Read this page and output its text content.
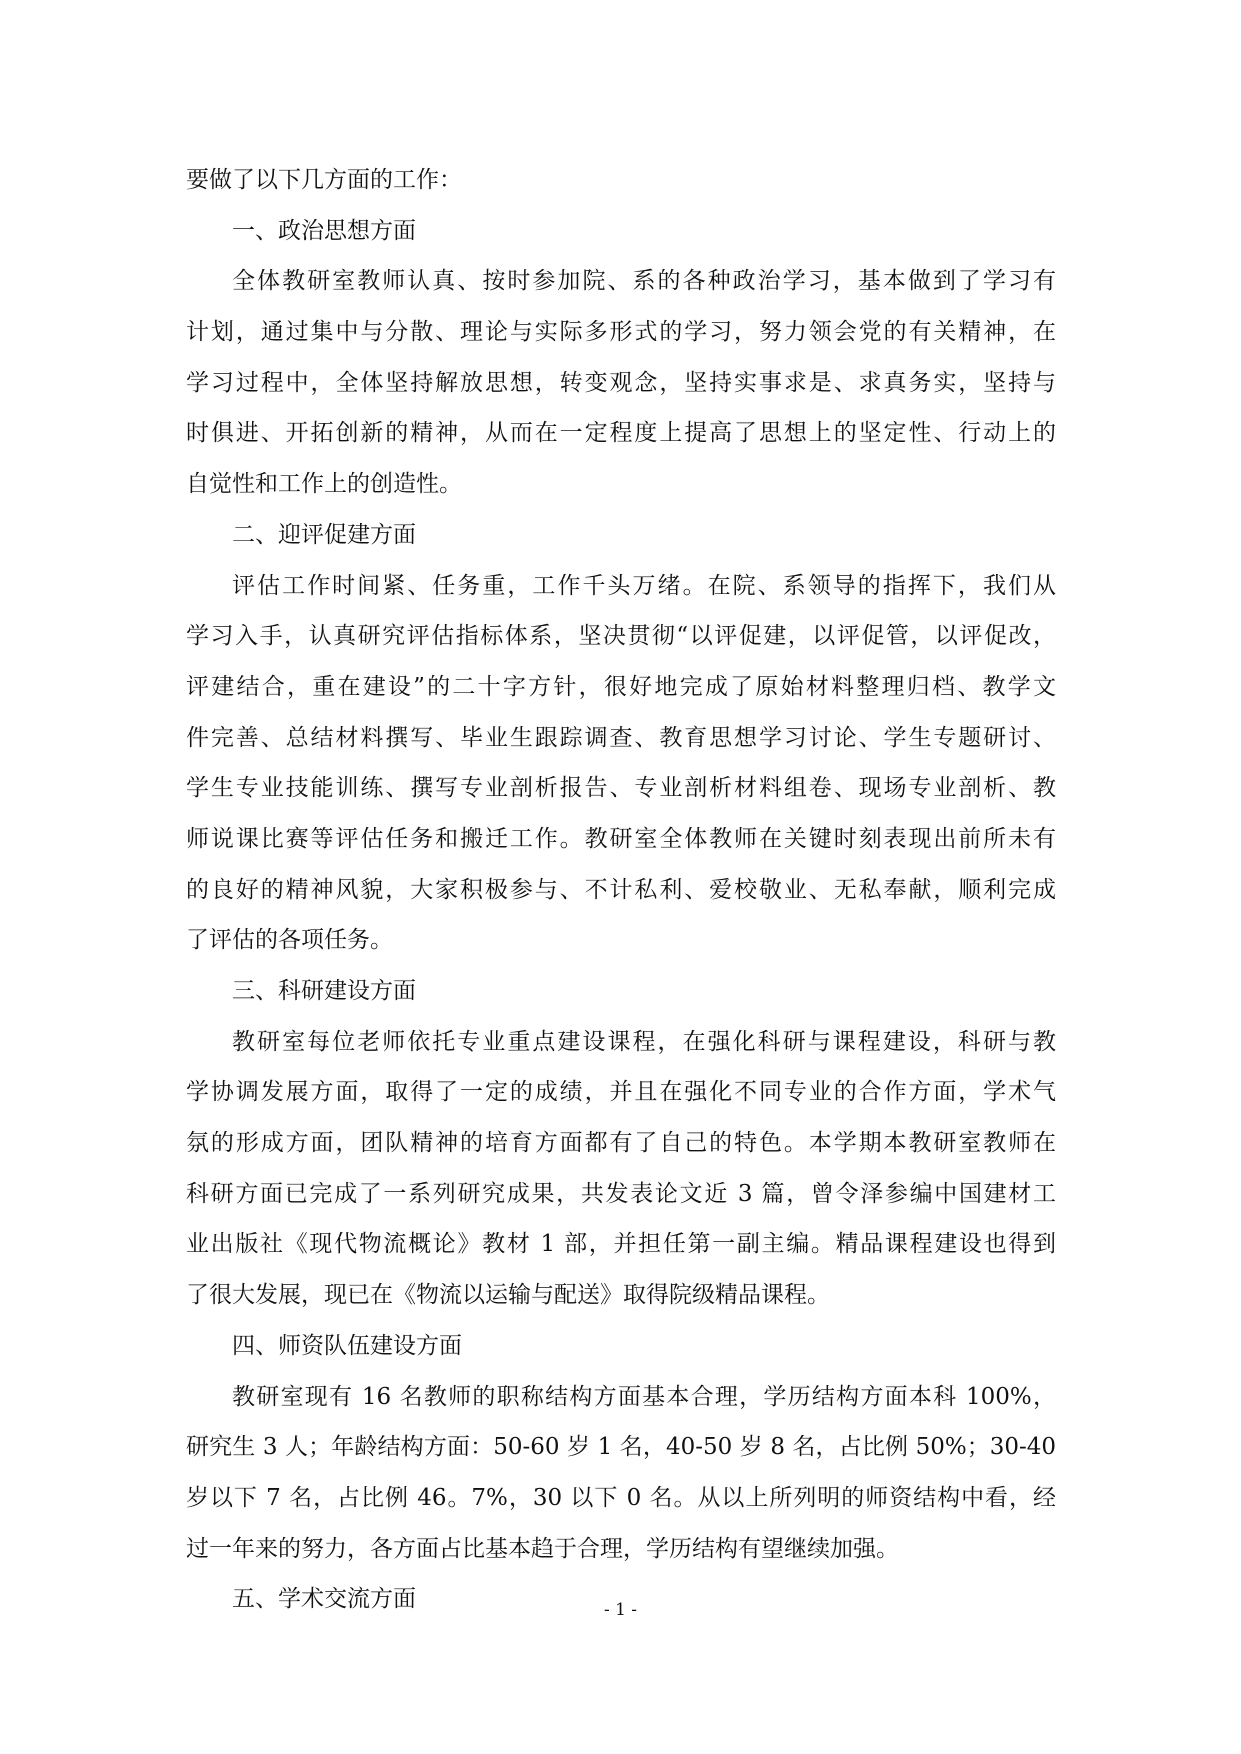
要做了以下几方面的工作：
一、政治思想方面
全体教研室教师认真、按时参加院、系的各种政治学习，基本做到了学习有
计划，通过集中与分散、理论与实际多形式的学习，努力领会党的有关精神，在
学习过程中，全体坚持解放思想，转变观念，坚持实事求是、求真务实，坚持与
时俱进、开拓创新的精神，从而在一定程度上提高了思想上的坚定性、行动上的
自觉性和工作上的创造性。
二、迎评促建方面
评估工作时间紧、任务重，工作千头万绪。在院、系领导的指挥下，我们从
学习入手，认真研究评估指标体系，坚决贯彻“以评促建，以评促管，以评促改，
评建结合，重在建设”的二十字方针，很好地完成了原始材料整理归档、教学文
件完善、总结材料撰写、毕业生跟踪调查、教育思想学习讨论、学生专题研讨、
学生专业技能训练、撰写专业剖析报告、专业剖析材料组卷、现场专业剖析、教
师说课比赛等评估任务和搬迁工作。教研室全体教师在关键时刻表现出前所未有
的良好的精神风貌，大家积极参与、不计私利、爱校敬业、无私奉献，顺利完成
了评估的各项任务。
三、科研建设方面
教研室每位老师依托专业重点建设课程，在强化科研与课程建设，科研与教
学协调发展方面，取得了一定的成绩，并且在强化不同专业的合作方面，学术气
氛的形成方面，团队精神的培育方面都有了自己的特色。本学期本教研室教师在
科研方面已完成了一系列研究成果，共发表论文近 3 篇，曾令泽参编中国建材工
业出版社《现代物流概论》教材 1 部，并担任第一副主编。精品课程建设也得到
了很大发展，现已在《物流以运输与配送》取得院级精品课程。
四、师资队伍建设方面
教研室现有 16 名教师的职称结构方面基本合理，学历结构方面本科 100%，
研究生 3 人；年龄结构方面：50-60 岁 1 名，40-50 岁 8 名，占比例 50%；30-40
岁以下 7 名，占比例 46。7%，30 以下 0 名。从以上所列明的师资结构中看，经
过一年来的努力，各方面占比基本趋于合理，学历结构有望继续加强。
五、学术交流方面	- 1 -
